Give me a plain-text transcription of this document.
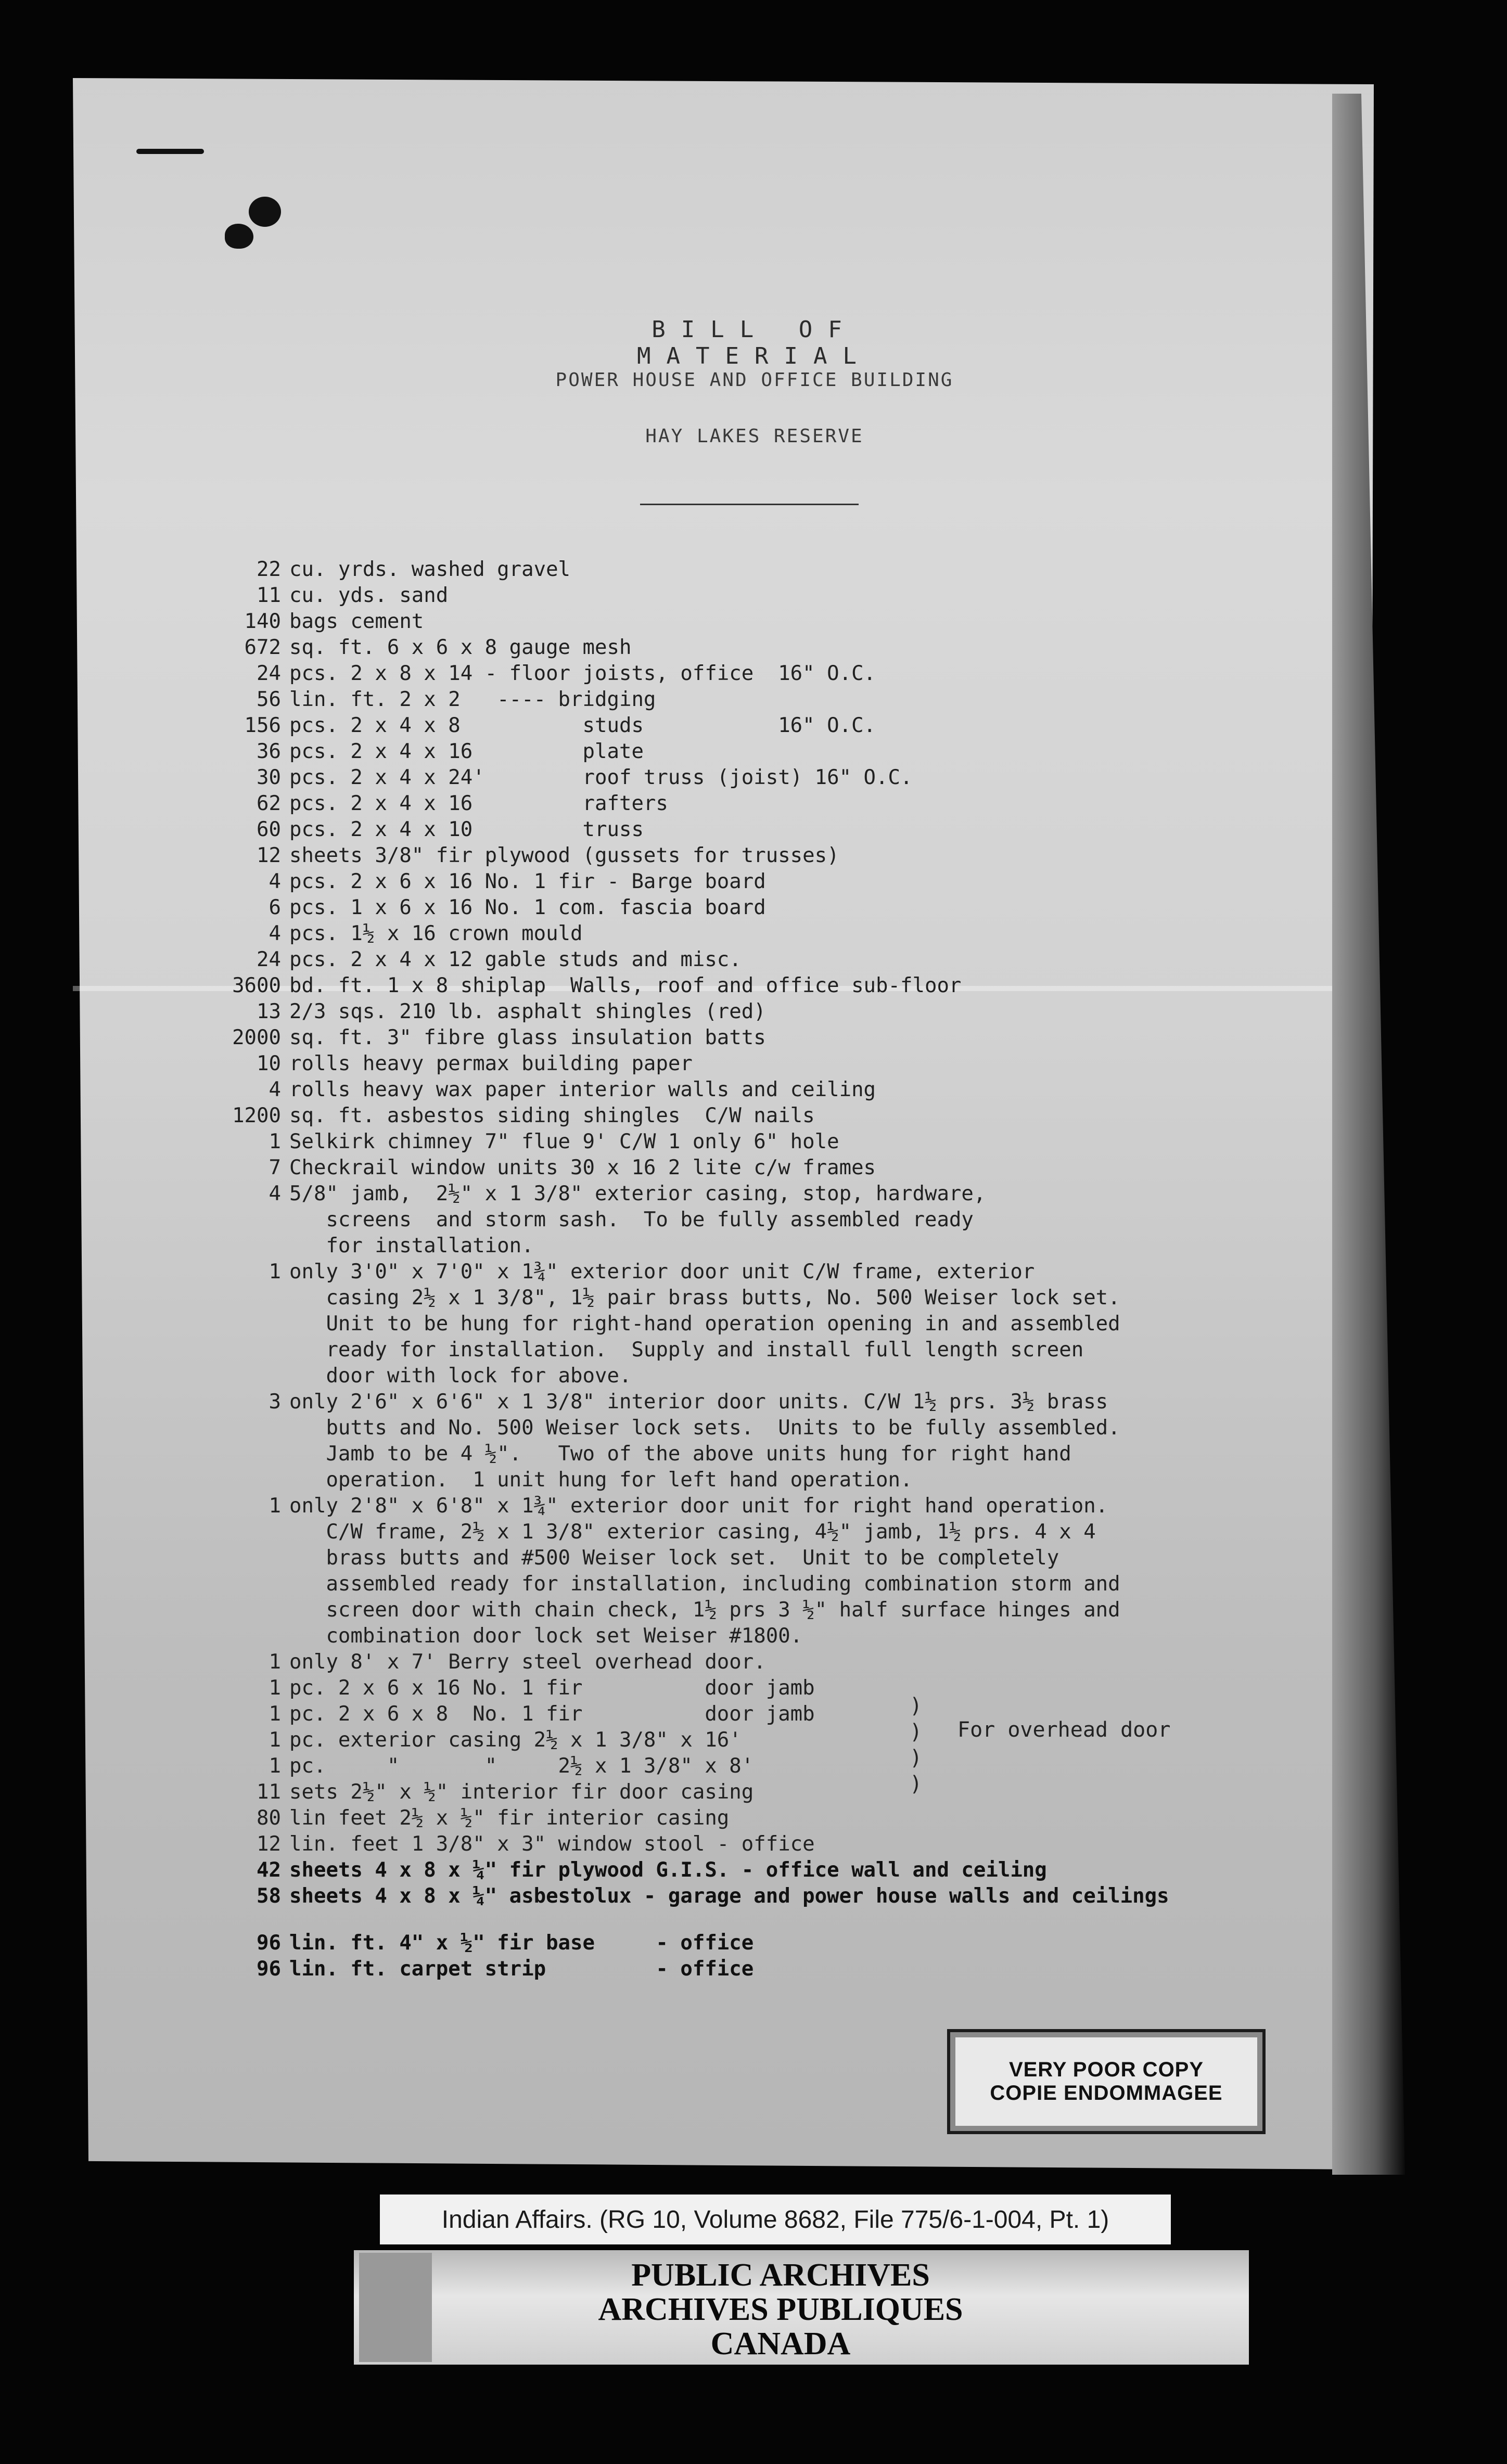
BILL OF MATERIAL
POWER HOUSE AND OFFICE BUILDING
HAY LAKES RESERVE
22 cu. yrds. washed gravel
11 cu. yds. sand
140 bags cement
672 sq. ft. 6 x 6 x 8 gauge mesh
24 pcs. 2 x 8 x 14 - floor joists, office  16" O.C.
56 lin. ft. 2 x 2   ---- bridging
156 pcs. 2 x 4 x 8          studs           16" O.C.
36 pcs. 2 x 4 x 16         plate
30 pcs. 2 x 4 x 24'        roof truss (joist) 16" O.C.
62 pcs. 2 x 4 x 16         rafters
60 pcs. 2 x 4 x 10         truss
12 sheets 3/8" fir plywood (gussets for trusses)
4 pcs. 2 x 6 x 16 No. 1 fir - Barge board
6 pcs. 1 x 6 x 16 No. 1 com. fascia board
4 pcs. 1½ x 16 crown mould
24 pcs. 2 x 4 x 12 gable studs and misc.
3600 bd. ft. 1 x 8 shiplap  Walls, roof and office sub-floor
13 2/3 sqs. 210 lb. asphalt shingles (red)
2000 sq. ft. 3" fibre glass insulation batts
10 rolls heavy permax building paper
4 rolls heavy wax paper interior walls and ceiling
1200 sq. ft. asbestos siding shingles  C/W nails
1 Selkirk chimney 7" flue 9' C/W 1 only 6" hole
7 Checkrail window units 30 x 16 2 lite c/w frames
4 5/8" jamb,  2½" x 1 3/8" exterior casing, stop, hardware,
screens  and storm sash.  To be fully assembled ready
for installation.
1 only 3'0" x 7'0" x 1¾" exterior door unit C/W frame, exterior
casing 2½ x 1 3/8", 1½ pair brass butts, No. 500 Weiser lock set.
Unit to be hung for right-hand operation opening in and assembled
ready for installation.  Supply and install full length screen
door with lock for above.
3 only 2'6" x 6'6" x 1 3/8" interior door units. C/W 1½ prs. 3½ brass
butts and No. 500 Weiser lock sets.  Units to be fully assembled.
Jamb to be 4 ½".   Two of the above units hung for right hand
operation.  1 unit hung for left hand operation.
1 only 2'8" x 6'8" x 1¾" exterior door unit for right hand operation.
C/W frame, 2½ x 1 3/8" exterior casing, 4½" jamb, 1½ prs. 4 x 4
brass butts and #500 Weiser lock set.  Unit to be completely
assembled ready for installation, including combination storm and
screen door with chain check, 1½ prs 3 ½" half surface hinges and
combination door lock set Weiser #1800.
1 only 8' x 7' Berry steel overhead door.
1 pc. 2 x 6 x 16 No. 1 fir          door jamb
1 pc. 2 x 6 x 8  No. 1 fir          door jamb
1 pc. exterior casing 2½ x 1 3/8" x 16'
1 pc.     "       "     2½ x 1 3/8" x 8'
11 sets 2½" x ½" interior fir door casing
80 lin feet 2½ x ½" fir interior casing
12 lin. feet 1 3/8" x 3" window stool - office
42 sheets 4 x 8 x ¼" fir plywood G.I.S. - office wall and ceiling
58 sheets 4 x 8 x ¼" asbestolux - garage and power house walls and ceilings
96 lin. ft. 4" x ½" fir base     - office
96 lin. ft. carpet strip         - office
)
)
)
)
For overhead door
VERY POOR COPY
COPIE ENDOMMAGEE
Indian Affairs. (RG 10, Volume 8682, File 775/6-1-004, Pt. 1)
PUBLIC ARCHIVES
ARCHIVES PUBLIQUES
CANADA
